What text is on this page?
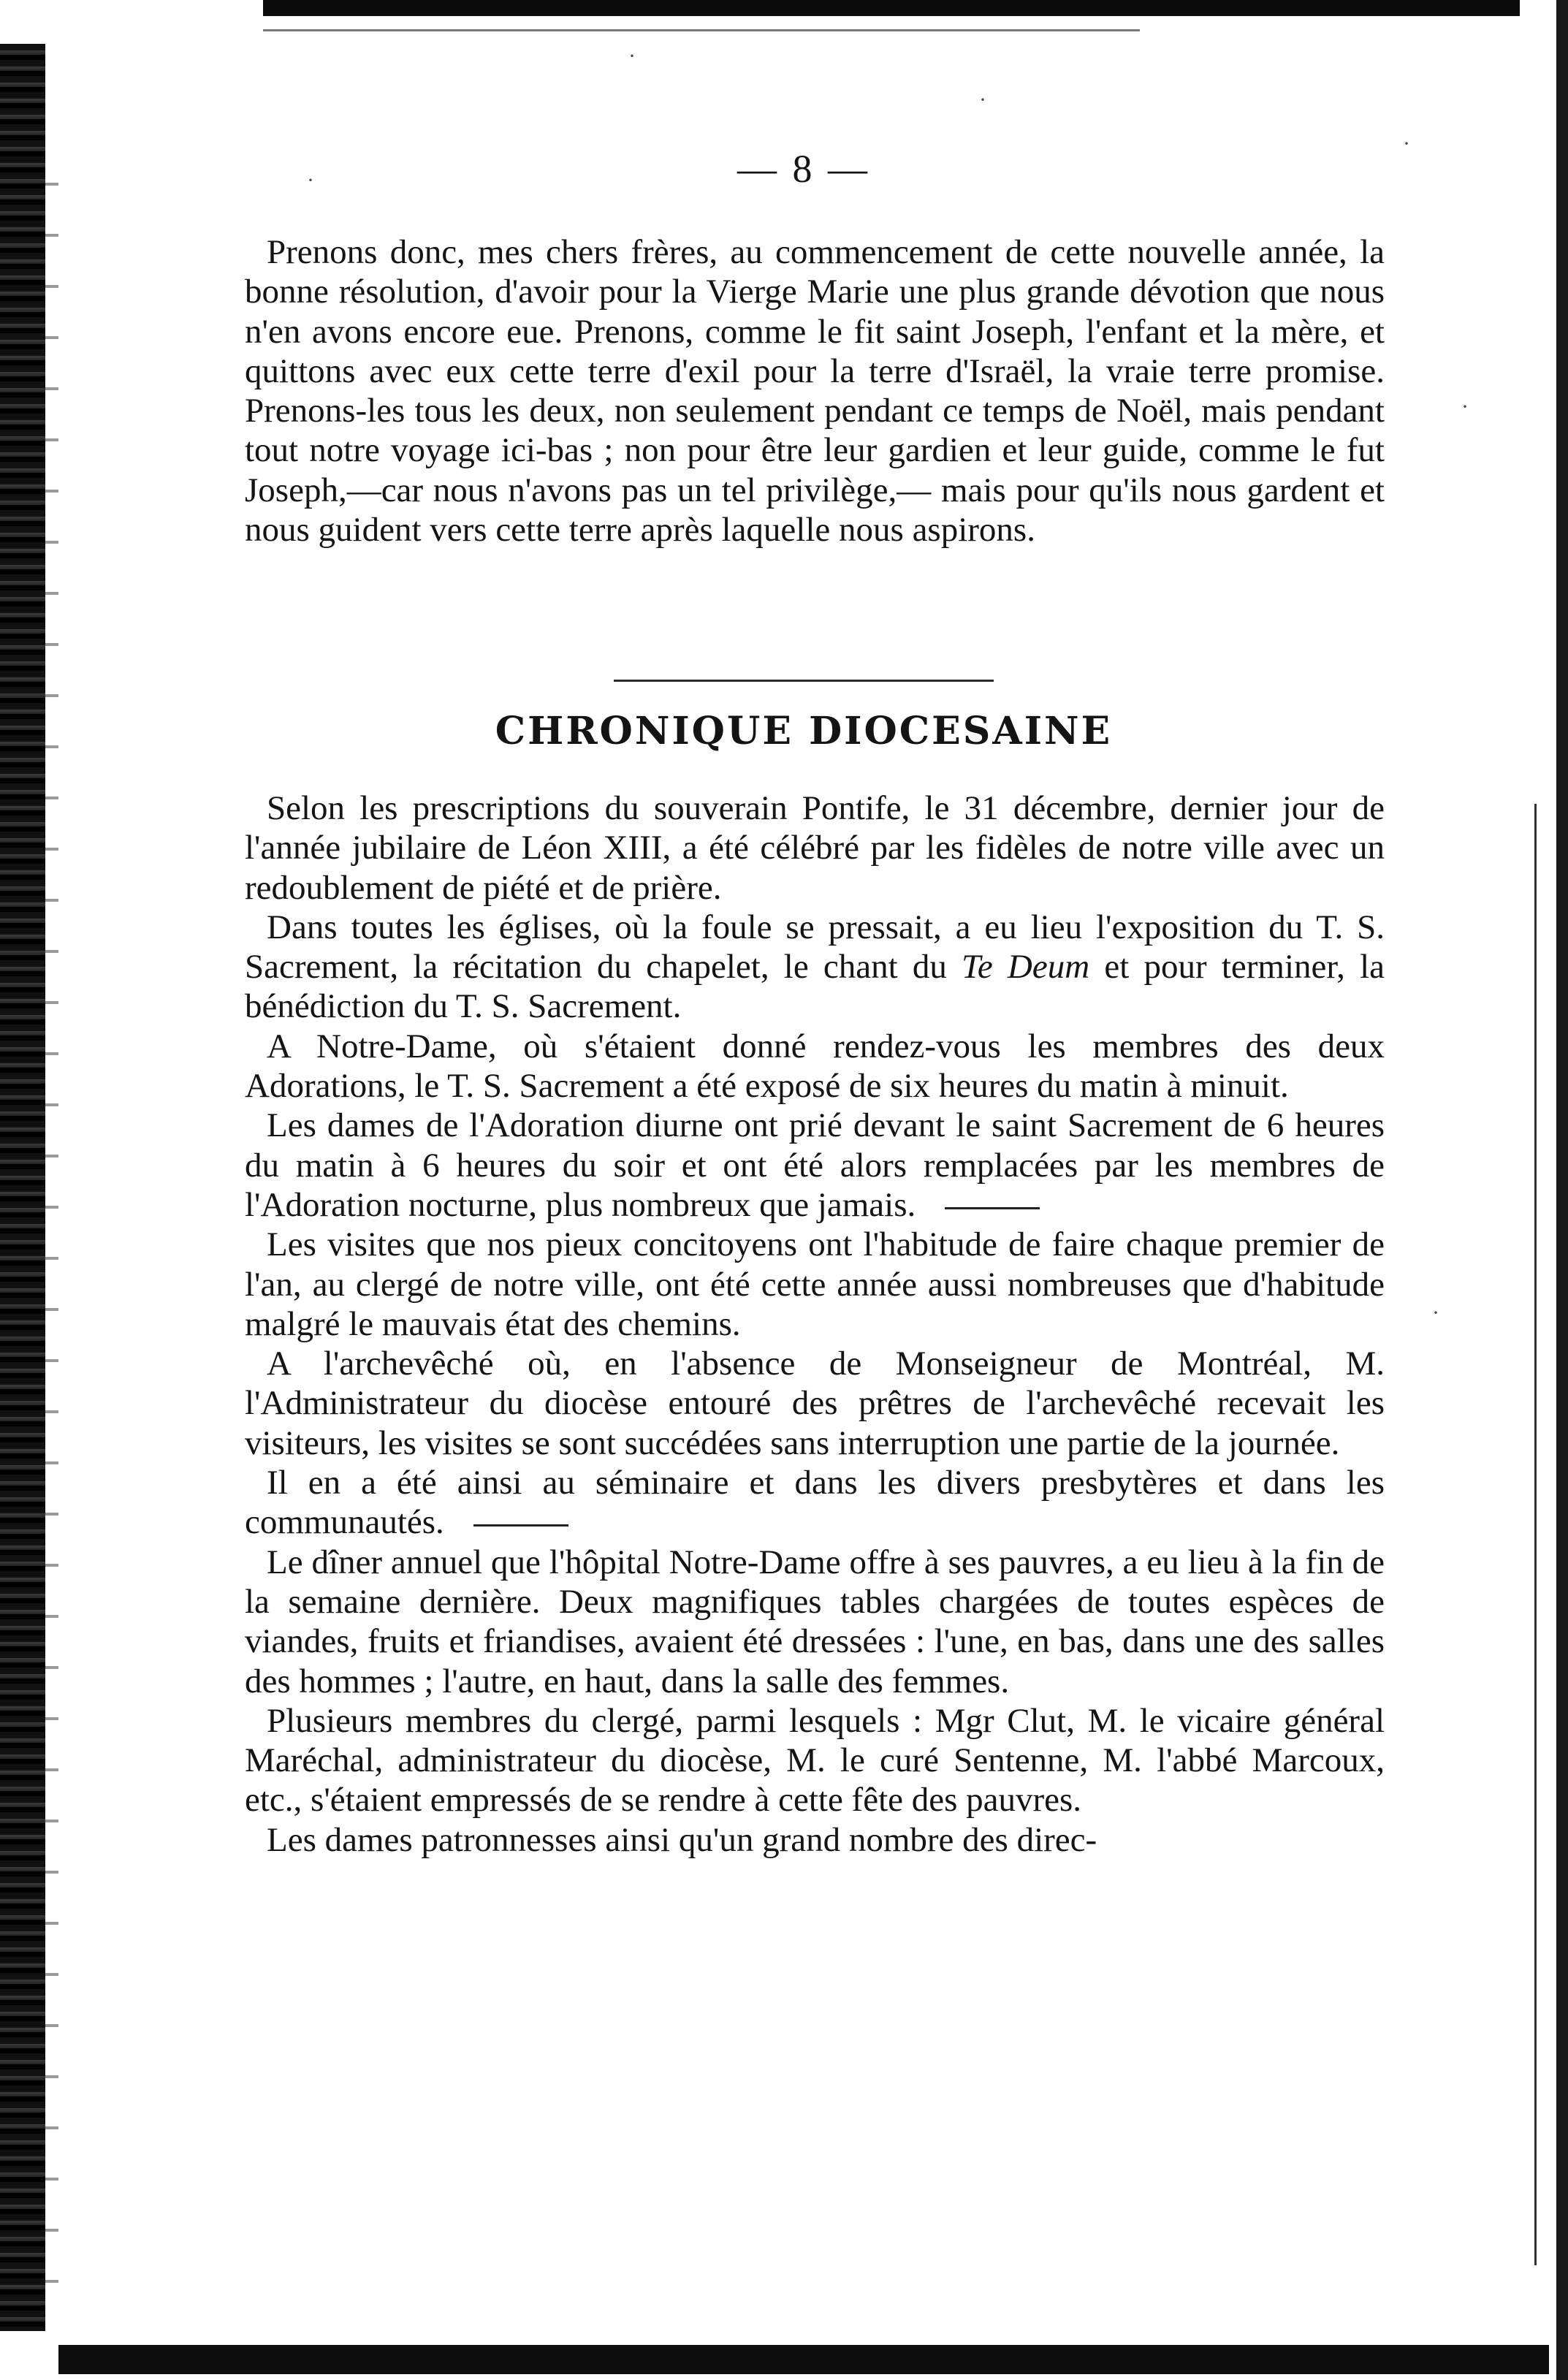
·
·
·
·
·
·
— 8 —

Prenons donc, mes chers frères, au commencement de cette nouvelle année, la bonne résolution, d'avoir pour la Vierge Marie une plus grande dévotion que nous n'en avons encore eue. Prenons, comme le fit saint Joseph, l'enfant et la mère, et quittons avec eux cette terre d'exil pour la terre d'Israël, la vraie terre promise. Prenons-les tous les deux, non seulement pendant ce temps de Noël, mais pendant tout notre voyage ici-bas ; non pour être leur gardien et leur guide, comme le fut Joseph,—car nous n'avons pas un tel privilège,— mais pour qu'ils nous gardent et nous guident vers cette terre après laquelle nous aspirons.

CHRONIQUE DIOCESAINE

Selon les prescriptions du souverain Pontife, le 31 décembre, dernier jour de l'année jubilaire de Léon XIII, a été célébré par les fidèles de notre ville avec un redoublement de piété et de prière.

Dans toutes les églises, où la foule se pressait, a eu lieu l'exposition du T. S. Sacrement, la récitation du chapelet, le chant du Te Deum et pour terminer, la bénédiction du T. S. Sacrement.

A Notre-Dame, où s'étaient donné rendez-vous les membres des deux Adorations, le T. S. Sacrement a été exposé de six heures du matin à minuit.

Les dames de l'Adoration diurne ont prié devant le saint Sacrement de 6 heures du matin à 6 heures du soir et ont été alors remplacées par les membres de l'Adoration nocturne, plus nombreux que jamais.

Les visites que nos pieux concitoyens ont l'habitude de faire chaque premier de l'an, au clergé de notre ville, ont été cette année aussi nombreuses que d'habitude malgré le mauvais état des chemins.

A l'archevêché où, en l'absence de Monseigneur de Montréal, M. l'Administrateur du diocèse entouré des prêtres de l'archevêché recevait les visiteurs, les visites se sont succédées sans interruption une partie de la journée.

Il en a été ainsi au séminaire et dans les divers presbytères et dans les communautés.

Le dîner annuel que l'hôpital Notre-Dame offre à ses pauvres, a eu lieu à la fin de la semaine dernière. Deux magnifiques tables chargées de toutes espèces de viandes, fruits et friandises, avaient été dressées : l'une, en bas, dans une des salles des hommes ; l'autre, en haut, dans la salle des femmes.

Plusieurs membres du clergé, parmi lesquels : Mgr Clut, M. le vicaire général Maréchal, administrateur du diocèse, M. le curé Sentenne, M. l'abbé Marcoux, etc., s'étaient empressés de se rendre à cette fête des pauvres.

Les dames patronnesses ainsi qu'un grand nombre des direc-
